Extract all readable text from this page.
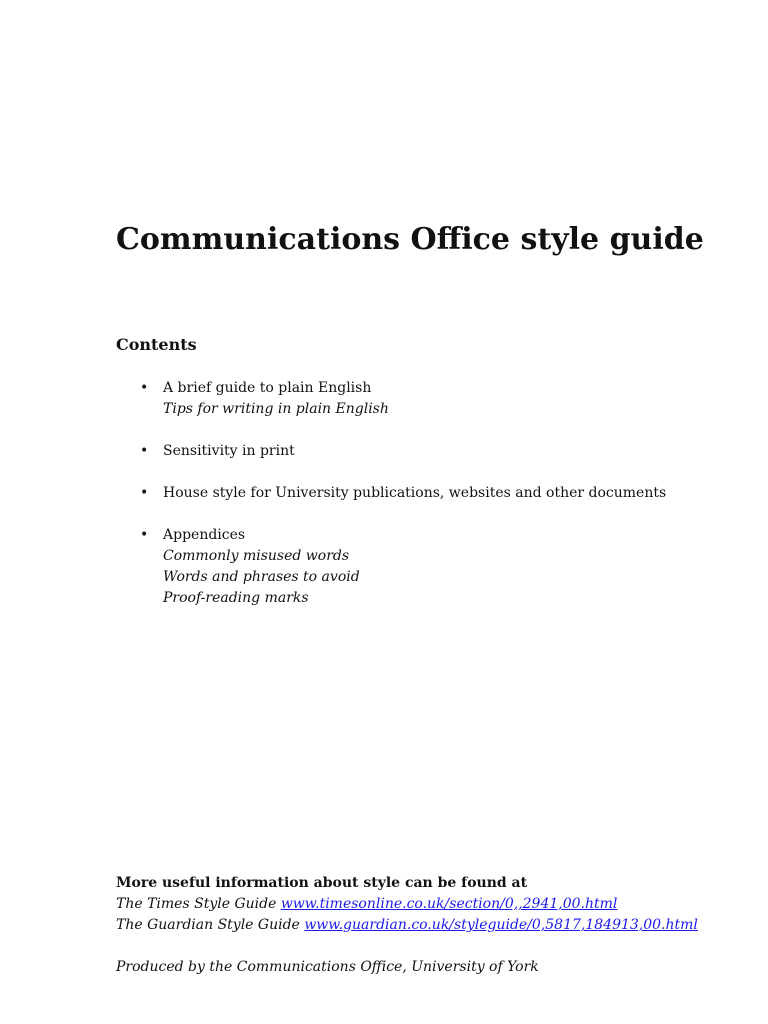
Communications Office style guide
Contents
• A brief guide to plain English
Tips for writing in plain English
• Sensitivity in print
• House style for University publications, websites and other documents
• Appendices
Commonly misused words
Words and phrases to avoid
Proof-reading marks
More useful information about style can be found at
The Times Style Guide www.timesonline.co.uk/section/0,,2941,00.html
The Guardian Style Guide www.guardian.co.uk/styleguide/0,5817,184913,00.html
Produced by the Communications Office, University of York
